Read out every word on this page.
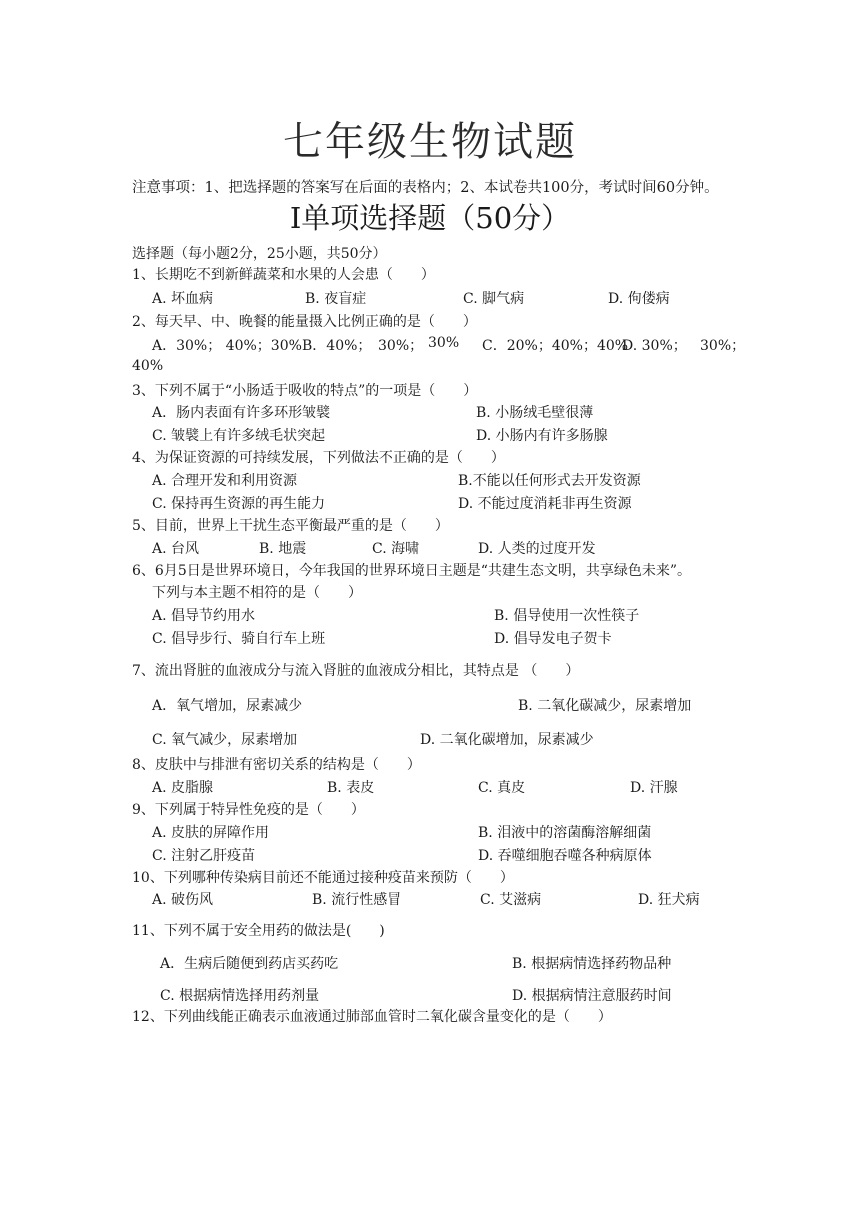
七年级生物试题
注意事项：1、把选择题的答案写在后面的表格内；2、本试卷共100分，考试时间60分钟。
Ⅰ单项选择题（50分）
选择题（每小题2分，25小题，共50分）
1、长期吃不到新鲜蔬菜和水果的人会患（　　）
A. 坏血病	B. 夜盲症	C. 脚气病	D. 佝偻病
2、每天早、中、晚餐的能量摄入比例正确的是（　　）
A．30%； 40%；30% B．40%； 30%； 30% C．20%；40%；40%
D. 30%； 30%；
40%
3、下列不属于“小肠适于吸收的特点”的一项是（　　）
A．肠内表面有许多环形皱襞	B. 小肠绒毛壁很薄
C. 皱襞上有许多绒毛状突起	D. 小肠内有许多肠腺
4、为保证资源的可持续发展，下列做法不正确的是（　　）
A. 合理开发和利用资源	B.不能以任何形式去开发资源
C. 保持再生资源的再生能力	D. 不能过度消耗非再生资源
5、目前，世界上干扰生态平衡最严重的是（　　）
A. 台风	B. 地震	C. 海啸	D. 人类的过度开发
6、6月5日是世界环境日，今年我国的世界环境日主题是“共建生态文明，共享绿色未来”。
下列与本主题不相符的是（　　）
A. 倡导节约用水	B. 倡导使用一次性筷子
C. 倡导步行、骑自行车上班	D. 倡导发电子贺卡
7、流出肾脏的血液成分与流入肾脏的血液成分相比，其特点是 （　　）
A．氧气增加，尿素减少	B. 二氧化碳减少，尿素增加
C. 氧气减少，尿素增加	D. 二氧化碳增加，尿素减少
8、皮肤中与排泄有密切关系的结构是（　　）
A. 皮脂腺	B. 表皮	C. 真皮	D. 汗腺
9、下列属于特异性免疫的是（　　）
A. 皮肤的屏障作用	B. 泪液中的溶菌酶溶解细菌
C. 注射乙肝疫苗	D. 吞噬细胞吞噬各种病原体
10、下列哪种传染病目前还不能通过接种疫苗来预防（　　）
A. 破伤风	B. 流行性感冒	C. 艾滋病	D. 狂犬病
11、下列不属于安全用药的做法是(　　)
A．生病后随便到药店买药吃	B. 根据病情选择药物品种
C. 根据病情选择用药剂量	D. 根据病情注意服药时间
12、下列曲线能正确表示血液通过肺部血管时二氧化碳含量变化的是（　　）
